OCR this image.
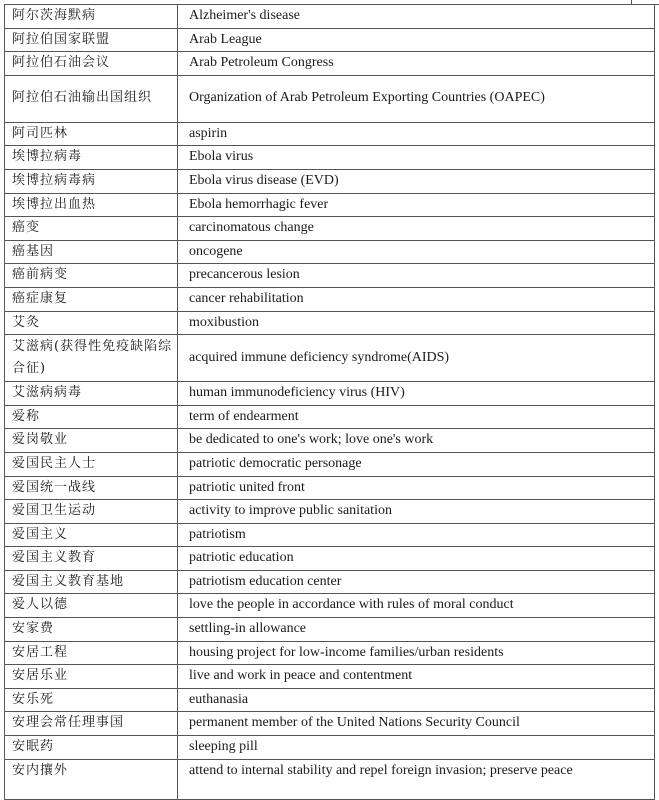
阿尔茨海默病	Alzheimer's disease
阿拉伯国家联盟	Arab League
阿拉伯石油会议	Arab Petroleum Congress
阿拉伯石油输出国组织	Organization of Arab Petroleum Exporting Countries (OAPEC)
阿司匹林	aspirin
埃博拉病毒	Ebola virus
埃博拉病毒病	Ebola virus disease (EVD)
埃博拉出血热	Ebola hemorrhagic fever
癌变	carcinomatous change
癌基因	oncogene
癌前病变	precancerous lesion
癌症康复	cancer rehabilitation
艾灸	moxibustion
艾滋病(获得性免疫缺陷综合征)	acquired immune deficiency syndrome(AIDS)
艾滋病病毒	human immunodeficiency virus (HIV)
爱称	term of endearment
爱岗敬业	be dedicated to one's work; love one's work
爱国民主人士	patriotic democratic personage
爱国统一战线	patriotic united front
爱国卫生运动	activity to improve public sanitation
爱国主义	patriotism
爱国主义教育	patriotic education
爱国主义教育基地	patriotism education center
爱人以德	love the people in accordance with rules of moral conduct
安家费	settling-in allowance
安居工程	housing project for low-income families/urban residents
安居乐业	live and work in peace and contentment
安乐死	euthanasia
安理会常任理事国	permanent member of the United Nations Security Council
安眠药	sleeping pill
安内攘外	attend to internal stability and repel foreign invasion; preserve peace
